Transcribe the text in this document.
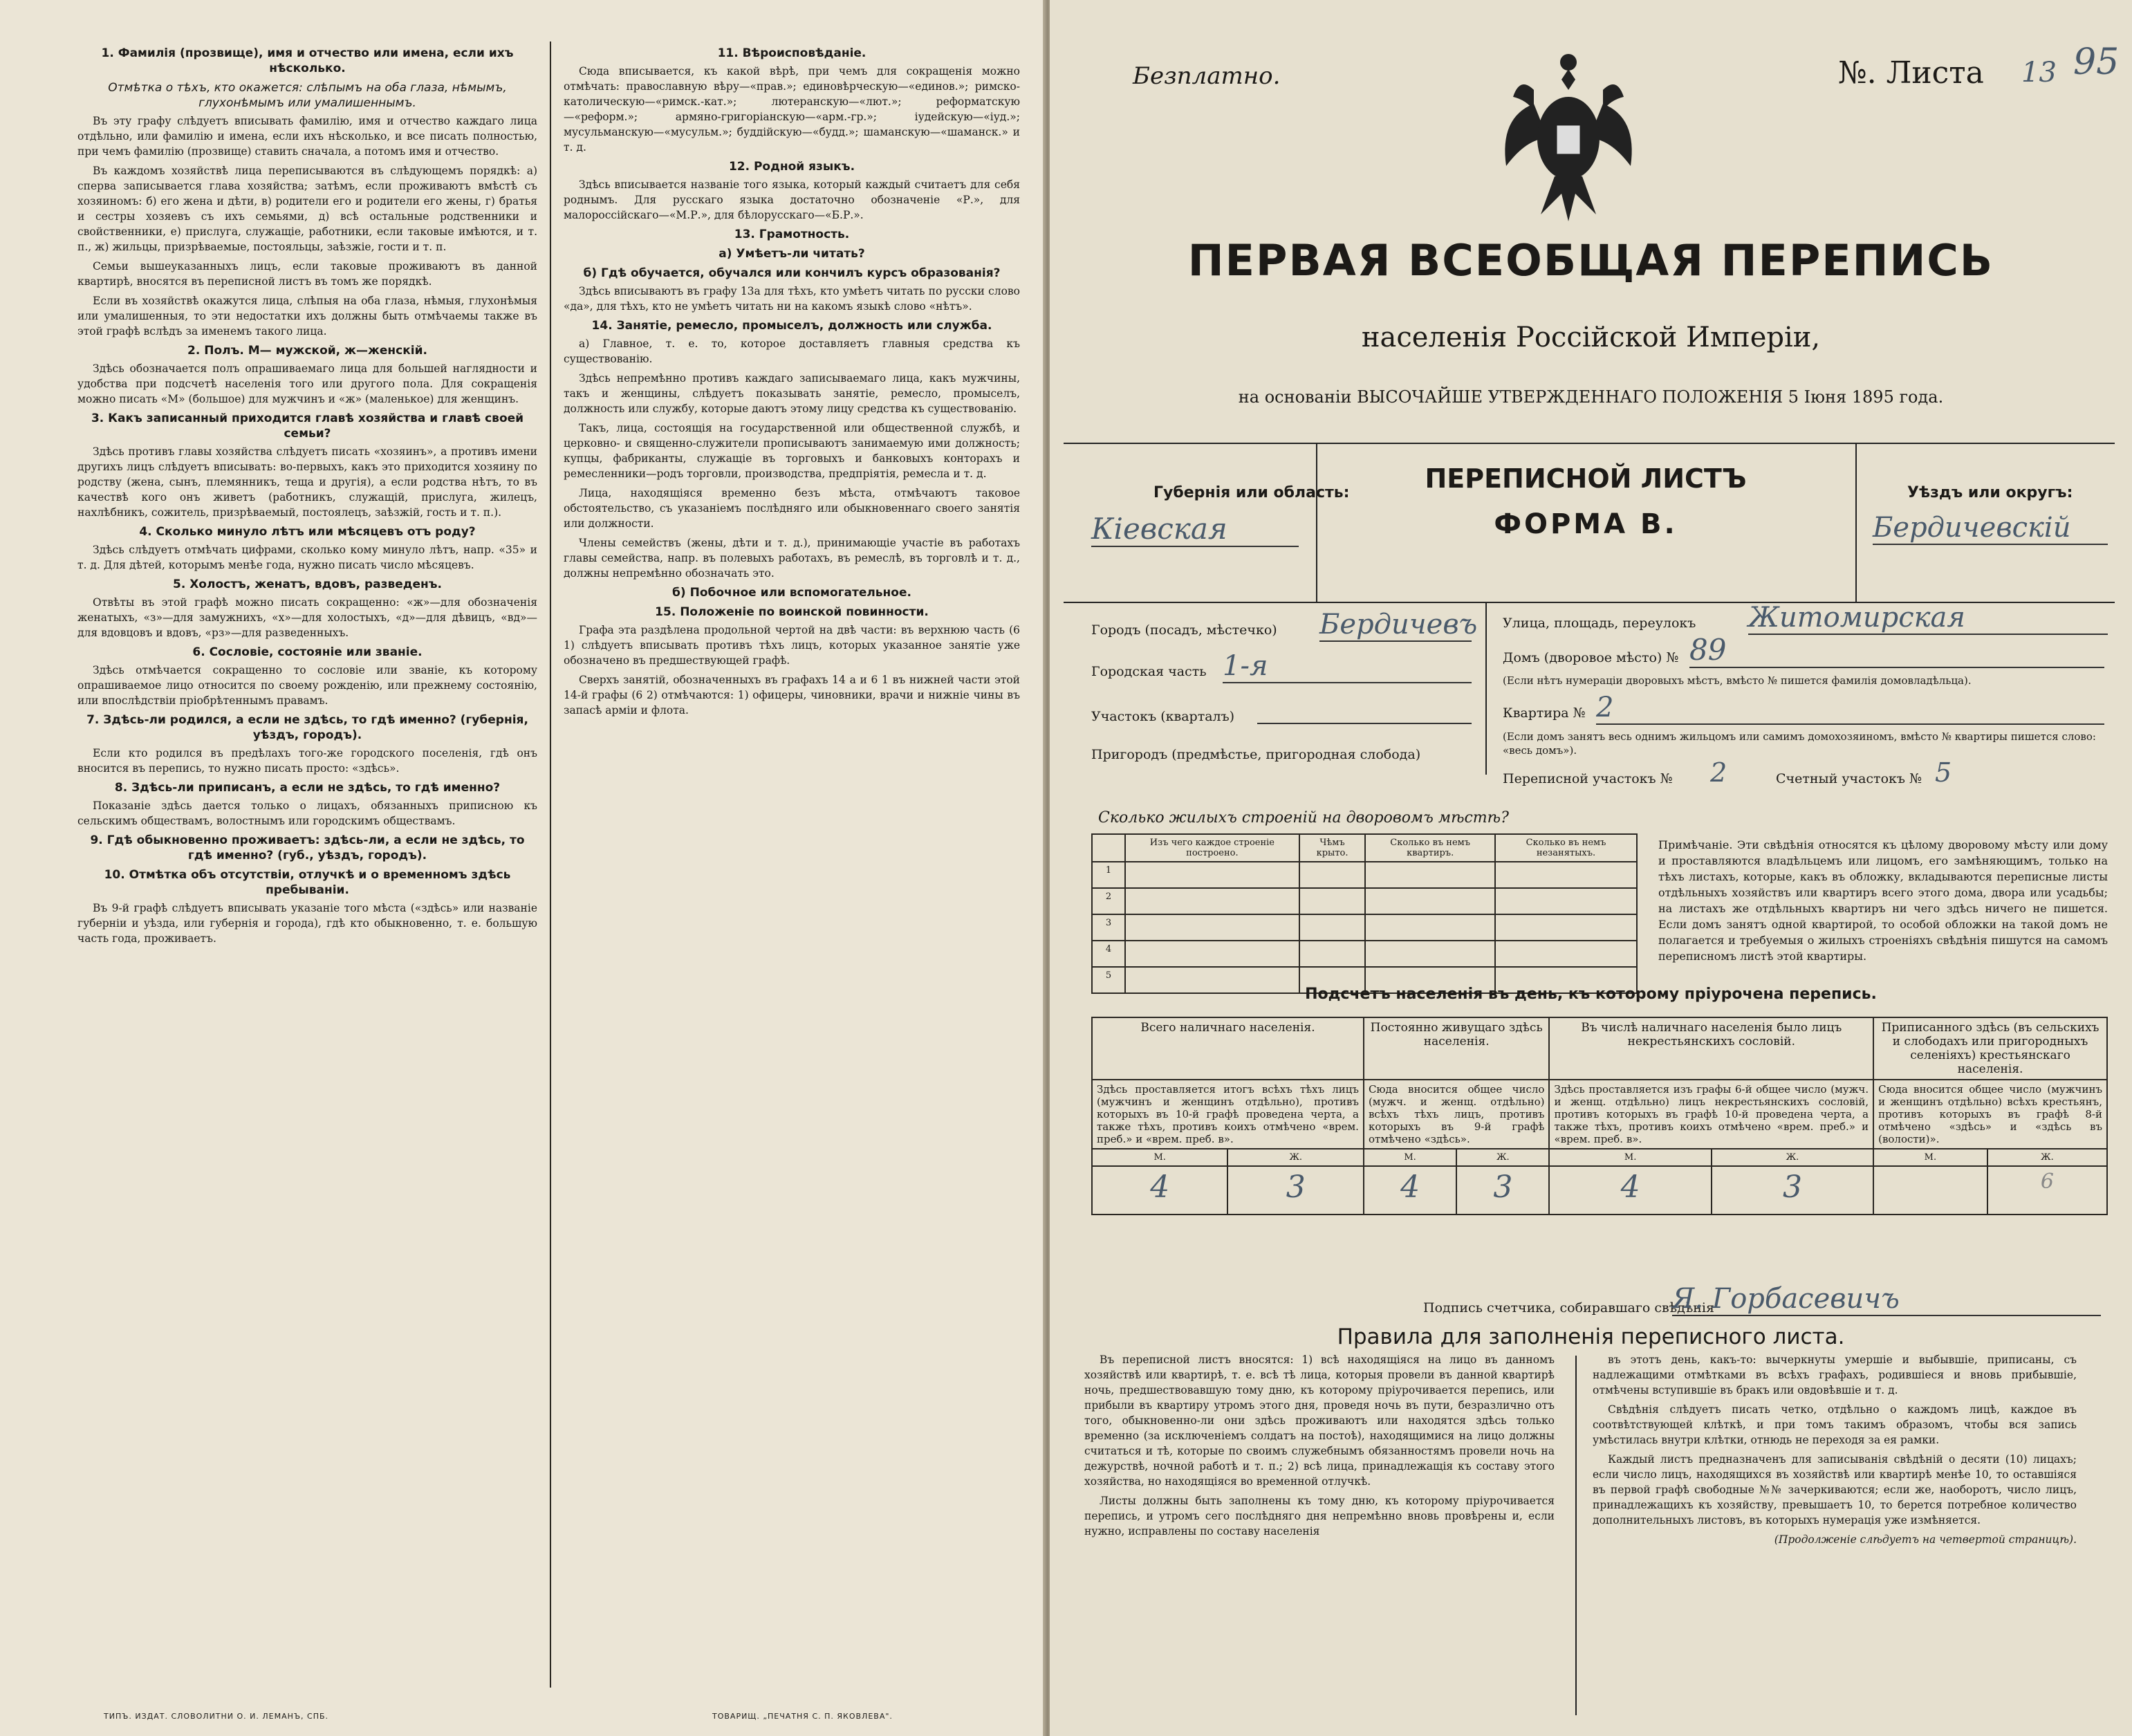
1. Фамилія (прозвище), имя и отчество или имена, если ихъ нѣсколько.
Отмѣтка о тѣхъ, кто окажется: слѣпымъ на оба глаза, нѣмымъ, глухонѣмымъ или умалишеннымъ.

Въ эту графу слѣдуетъ вписывать фамилію, имя и отчество каждаго лица отдѣльно, или фамилію и имена, если ихъ нѣсколько, и все писать полностью, при чемъ фамилію (прозвище) ставить сначала, а потомъ имя и отчество.

Въ каждомъ хозяйствѣ лица переписываются въ слѣдующемъ порядкѣ: а) сперва записывается глава хозяйства; затѣмъ, если проживаютъ вмѣстѣ съ хозяиномъ: б) его жена и дѣти, в) родители его и родители его жены, г) братья и сестры хозяевъ съ ихъ семьями, д) всѣ остальные родственники и свойственники, е) прислуга, служащіе, работники, если таковые имѣются, и т. п., ж) жильцы, призрѣваемые, постояльцы, заѣзжіе, гости и т. п.

Семьи вышеуказанныхъ лицъ, если таковые проживаютъ въ данной квартирѣ, вносятся въ переписной листъ въ томъ же порядкѣ.

Если въ хозяйствѣ окажутся лица, слѣпыя на оба глаза, нѣмыя, глухонѣмыя или умалишенныя, то эти недостатки ихъ должны быть отмѣчаемы также въ этой графѣ вслѣдъ за именемъ такого лица.

2. Полъ. М— мужской, ж—женскій.

Здѣсь обозначается полъ опрашиваемаго лица для большей наглядности и удобства при подсчетѣ населенія того или другого пола. Для сокращенія можно писать «М» (большое) для мужчинъ и «ж» (маленькое) для женщинъ.

3. Какъ записанный приходится главѣ хозяйства и главѣ своей семьи?

Здѣсь противъ главы хозяйства слѣдуетъ писать «хозяинъ», а противъ имени другихъ лицъ слѣдуетъ вписывать: во-первыхъ, какъ это приходится хозяину по родству (жена, сынъ, племянникъ, теща и другія), а если родства нѣтъ, то въ качествѣ кого онъ живетъ (работникъ, служащій, прислуга, жилецъ, нахлѣбникъ, сожитель, призрѣваемый, постоялецъ, заѣзжій, гость и т. п.).

4. Сколько минуло лѣтъ или мѣсяцевъ отъ роду?

Здѣсь слѣдуетъ отмѣчать цифрами, сколько кому минуло лѣтъ, напр. «35» и т. д. Для дѣтей, которымъ менѣе года, нужно писать число мѣсяцевъ.

5. Холостъ, женатъ, вдовъ, разведенъ.

Отвѣты въ этой графѣ можно писать сокращенно: «ж»—для обозначенія женатыхъ, «з»—для замужнихъ, «х»—для холостыхъ, «д»—для дѣвицъ, «вд»—для вдовцовъ и вдовъ, «рз»—для разведенныхъ.

6. Сословіе, состояніе или званіе.

Здѣсь отмѣчается сокращенно то сословіе или званіе, къ которому опрашиваемое лицо относится по своему рожденію, или прежнему состоянію, или впослѣдствіи пріобрѣтеннымъ правамъ.

7. Здѣсь-ли родился, а если не здѣсь, то гдѣ именно? (губернія, уѣздъ, городъ).

Если кто родился въ предѣлахъ того-же городского поселенія, гдѣ онъ вносится въ перепись, то нужно писать просто: «здѣсь».

8. Здѣсь-ли приписанъ, а если не здѣсь, то гдѣ именно?

Показаніе здѣсь дается только о лицахъ, обязанныхъ приписною къ сельскимъ обществамъ, волостнымъ или городскимъ обществамъ.

9. Гдѣ обыкновенно проживаетъ: здѣсь-ли, а если не здѣсь, то гдѣ именно? (губ., уѣздъ, городъ).
10. Отмѣтка объ отсутствіи, отлучкѣ и о временномъ здѣсь пребываніи.

Въ 9-й графѣ слѣдуетъ вписывать указаніе того мѣста («здѣсь» или названіе губерніи и уѣзда, или губернія и города), гдѣ кто обыкновенно, т. е. большую часть года, проживаетъ.

11. Вѣроисповѣданіе.

Сюда вписывается, къ какой вѣрѣ, при чемъ для сокращенія можно отмѣчать: православную вѣру—«прав.»; единовѣрческую—«единов.»; римско-католическую—«римск.-кат.»; лютеранскую—«лют.»; реформатскую—«реформ.»; армяно-григоріанскую—«арм.-гр.»; іудейскую—«іуд.»; мусульманскую—«мусульм.»; буддійскую—«будд.»; шаманскую—«шаманск.» и т. д.

12. Родной языкъ.

Здѣсь вписывается названіе того языка, который каждый считаетъ для себя роднымъ. Для русскаго языка достаточно обозначеніе «Р.», для малороссійскаго—«М.Р.», для бѣлорусскаго—«Б.Р.».

13. Грамотность.
а) Умѣетъ-ли читать?
б) Гдѣ обучается, обучался или кончилъ курсъ образованія?

Здѣсь вписываютъ въ графу 13а для тѣхъ, кто умѣетъ читать по русски слово «да», для тѣхъ, кто не умѣетъ читать ни на какомъ языкѣ слово «нѣтъ».

14. Занятіе, ремесло, промыселъ, должность или служба.

а) Главное, т. е. то, которое доставляетъ главныя средства къ существованію.

Здѣсь непремѣнно противъ каждаго записываемаго лица, какъ мужчины, такъ и женщины, слѣдуетъ показывать занятіе, ремесло, промыселъ, должность или службу, которые даютъ этому лицу средства къ существованію.

Такъ, лица, состоящія на государственной или общественной службѣ, и церковно- и священно-служители прописываютъ занимаемую ими должность; купцы, фабриканты, служащіе въ торговыхъ и банковыхъ конторахъ и ремесленники—родъ торговли, производства, предпріятія, ремесла и т. д.

Лица, находящіяся временно безъ мѣста, отмѣчаютъ таковое обстоятельство, съ указаніемъ послѣдняго или обыкновеннаго своего занятія или должности.

Члены семействъ (жены, дѣти и т. д.), принимающіе участіе въ работахъ главы семейства, напр. въ полевыхъ работахъ, въ ремеслѣ, въ торговлѣ и т. д., должны непремѣнно обозначать это.

б) Побочное или вспомогательное.
15. Положеніе по воинской повинности.

Графа эта раздѣлена продольной чертой на двѣ части: въ верхнюю часть (6 1) слѣдуетъ вписывать противъ тѣхъ лицъ, которых указанное занятіе уже обозначено въ предшествующей графѣ.

Сверхъ занятій, обозначенныхъ въ графахъ 14 а и 6 1 въ нижней части этой 14-й графы (6 2) отмѣчаются: 1) офицеры, чиновники, врачи и нижніе чины въ запасѣ арміи и флота.

ТИПЪ. ИЗДАТ. СЛОВОЛИТНИ О. И. ЛЕМАНЪ, СПБ.	ТОВАРИЩ. „ПЕЧАТНЯ С. П. ЯКОВЛЕВА".
Безплатно.	№. Листа 13 95
ПЕРВАЯ ВСЕОБЩАЯ ПЕРЕПИСЬ
населенія Россійской Имперіи,
на основаніи ВЫСОЧАЙШЕ УТВЕРЖДЕННАГО ПОЛОЖЕНІЯ 5 Іюня 1895 года.
Губернія или область:
Кіевская
ПЕРЕПИСНОЙ ЛИСТЪ
ФОРМА В.
Уѣздъ или округъ:
Бердичевскій
Городъ (посадъ, мѣстечко) Бердичевъ
Городская часть 1-я
Участокъ (кварталъ)
Пригородъ (предмѣстье, пригородная слобода)
Улица, площадь, переулокъ Житомирская
Домъ (дворовое мѣсто) № 89
(Если нѣтъ нумераціи дворовыхъ мѣстъ, вмѣсто № пишется фамилія домовладѣльца).
Квартира № 2
(Если домъ занятъ весь однимъ жильцомъ или самимъ домохозяиномъ, вмѣсто № квартиры пишется слово: «весь домъ»).
Переписной участокъ № 2	Счетный участокъ № 5
Сколько жилыхъ строеній на дворовомъ мѣстѣ?
	Изъ чего каждое строеніе построено.	Чѣмъ крыто.	Сколько въ немъ квартиръ.	Сколько въ немъ незанятыхъ.
1				
2				
3				
4				
5				
Примѣчаніе. Эти свѣдѣнія относятся къ цѣлому дворовому мѣсту или дому и проставляются владѣльцемъ или лицомъ, его замѣняющимъ, только на тѣхъ листахъ, которые, какъ въ обложку, вкладываются переписные листы отдѣльныхъ хозяйствъ или квартиръ всего этого дома, двора или усадьбы; на листахъ же отдѣльныхъ квартиръ ни чего здѣсь ничего не пишется. Если домъ занятъ одной квартирой, то особой обложки на такой домъ не полагается и требуемыя о жилыхъ строеніяхъ свѣдѣнія пишутся на самомъ переписномъ листѣ этой квартиры.
Подсчетъ населенія въ день, къ которому пріурочена перепись.
Всего наличнаго населенія.		Постоянно живущаго здѣсь населенія.		Въ числѣ наличнаго населенія было лицъ некрестьянскихъ сословій.		Приписанного здѣсь (въ сельскихъ и слободахъ или пригородныхъ селеніяхъ) крестьянскаго населенія.	
Здѣсь проставляется итогъ всѣхъ тѣхъ лицъ (мужчинъ и женщинъ отдѣльно), противъ которыхъ въ 10-й графѣ проведена черта, а также тѣхъ, противъ коихъ отмѣчено «врем. преб.» и «врем. преб. в».		Сюда вносится общее число (мужч. и женщ. отдѣльно) всѣхъ тѣхъ лицъ, противъ которыхъ въ 9-й графѣ отмѣчено «здѣсь».		Здѣсь проставляется изъ графы 6-й общее число (мужч. и женщ. отдѣльно) лицъ некрестьянскихъ сословій, противъ которыхъ въ графѣ 10-й проведена черта, а также тѣхъ, противъ коихъ отмѣчено «врем. преб.» и «врем. преб. в».		Сюда вносится общее число (мужчинъ и женщинъ отдѣльно) всѣхъ крестьянъ, противъ которыхъ въ графѣ 8-й отмѣчено «здѣсь» и «здѣсь въ (волости)».	
М.	Ж.	М.	Ж.	М.	Ж.	М.	Ж.
4	3	4	3	4	3		6
Подпись счетчика, собиравшаго свѣдѣнія
Я. Горбасевичъ
Правила для заполненія переписного листа.

Въ переписной листъ вносятся: 1) всѣ находящіяся на лицо въ данномъ хозяйствѣ или квартирѣ, т. е. всѣ тѣ лица, которыя провели въ данной квартирѣ ночь, предшествовавшую тому дню, къ которому пріурочивается перепись, или прибыли въ квартиру утромъ этого дня, проведя ночь въ пути, безразлично отъ того, обыкновенно-ли они здѣсь проживаютъ или находятся здѣсь только временно (за исключеніемъ солдатъ на постоѣ), находящимися на лицо должны считаться и тѣ, которые по своимъ служебнымъ обязанностямъ провели ночь на дежурствѣ, ночной работѣ и т. п.; 2) всѣ лица, принадлежащія къ составу этого хозяйства, но находящіяся во временной отлучкѣ.

Листы должны быть заполнены къ тому дню, къ которому пріурочивается перепись, и утромъ сего послѣдняго дня непремѣнно вновь провѣрены и, если нужно, исправлены по составу населенія

въ этотъ день, какъ-то: вычеркнуты умершіе и выбывшіе, приписаны, съ надлежащими отмѣтками въ всѣхъ графахъ, родившіеся и вновь прибывшіе, отмѣчены вступившіе въ бракъ или овдовѣвшіе и т. д.

Свѣдѣнія слѣдуетъ писать четко, отдѣльно о каждомъ лицѣ, каждое въ соотвѣтствующей клѣткѣ, и при томъ такимъ образомъ, чтобы вся запись умѣстилась внутри клѣтки, отнюдь не переходя за ея рамки.

Каждый листъ предназначенъ для записыванія свѣдѣній о десяти (10) лицахъ; если число лицъ, находящихся въ хозяйствѣ или квартирѣ менѣе 10, то оставшіяся въ первой графѣ свободные №№ зачеркиваются; если же, наоборотъ, число лицъ, принадлежащихъ къ хозяйству, превышаетъ 10, то берется потребное количество дополнительныхъ листовъ, въ которыхъ нумерація уже измѣняется.

(Продолженіе слѣдуетъ на четвертой страницѣ).
